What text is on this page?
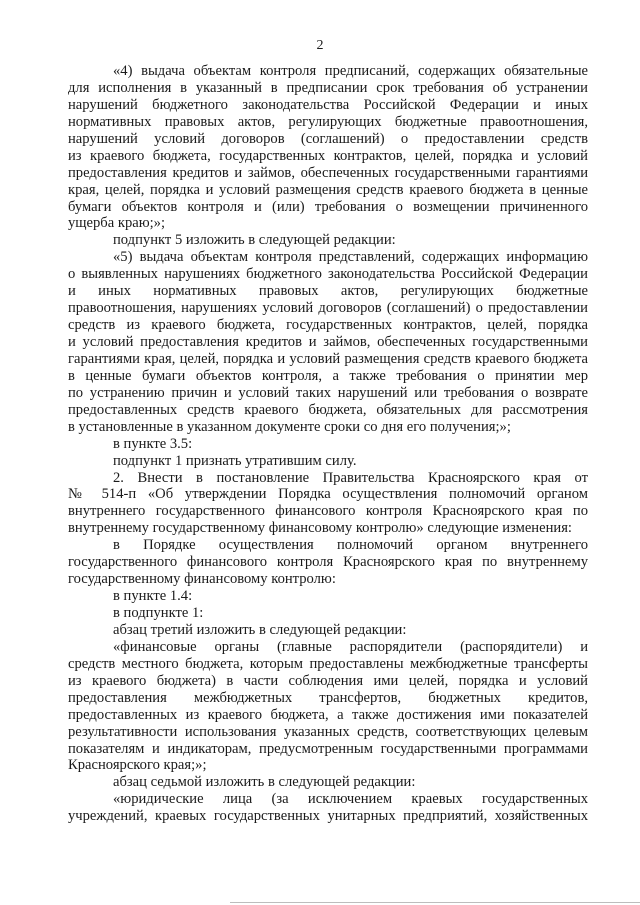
2
«4) выдача объектам контроля предписаний, содержащих обязательные
для исполнения в указанный в предписании срок требования об устранении
нарушений бюджетного законодательства Российской Федерации и иных
нормативных правовых актов, регулирующих бюджетные правоотношения,
нарушений условий договоров (соглашений) о предоставлении средств
из краевого бюджета, государственных контрактов, целей, порядка и условий
предоставления кредитов и займов, обеспеченных государственными гарантиями
края, целей, порядка и условий размещения средств краевого бюджета в ценные
бумаги объектов контроля и (или) требования о возмещении причиненного
ущерба краю;»;
подпункт 5 изложить в следующей редакции:
«5) выдача объектам контроля представлений, содержащих информацию
о выявленных нарушениях бюджетного законодательства Российской Федерации
и иных нормативных правовых актов, регулирующих бюджетные
правоотношения, нарушениях условий договоров (соглашений) о предоставлении
средств из краевого бюджета, государственных контрактов, целей, порядка
и условий предоставления кредитов и займов, обеспеченных государственными
гарантиями края, целей, порядка и условий размещения средств краевого бюджета
в ценные бумаги объектов контроля, а также требования о принятии мер
по устранению причин и условий таких нарушений или требования о возврате
предоставленных средств краевого бюджета, обязательных для рассмотрения
в установленные в указанном документе сроки со дня его получения;»;
в пункте 3.5:
подпункт 1 признать утратившим силу.
2. Внести в постановление Правительства Красноярского края от
№ 514-п «Об утверждении Порядка осуществления полномочий органом
внутреннего государственного финансового контроля Красноярского края по
внутреннему государственному финансовому контролю» следующие изменения:
в Порядке осуществления полномочий органом внутреннего
государственного финансового контроля Красноярского края по внутреннему
государственному финансовому контролю:
в пункте 1.4:
в подпункте 1:
абзац третий изложить в следующей редакции:
«финансовые органы (главные распорядители (распорядители) и
средств местного бюджета, которым предоставлены межбюджетные трансферты
из краевого бюджета) в части соблюдения ими целей, порядка и условий
предоставления межбюджетных трансфертов, бюджетных кредитов,
предоставленных из краевого бюджета, а также достижения ими показателей
результативности использования указанных средств, соответствующих целевым
показателям и индикаторам, предусмотренным государственными программами
Красноярского края;»;
абзац седьмой изложить в следующей редакции:
«юридические лица (за исключением краевых государственных
учреждений, краевых государственных унитарных предприятий, хозяйственных
